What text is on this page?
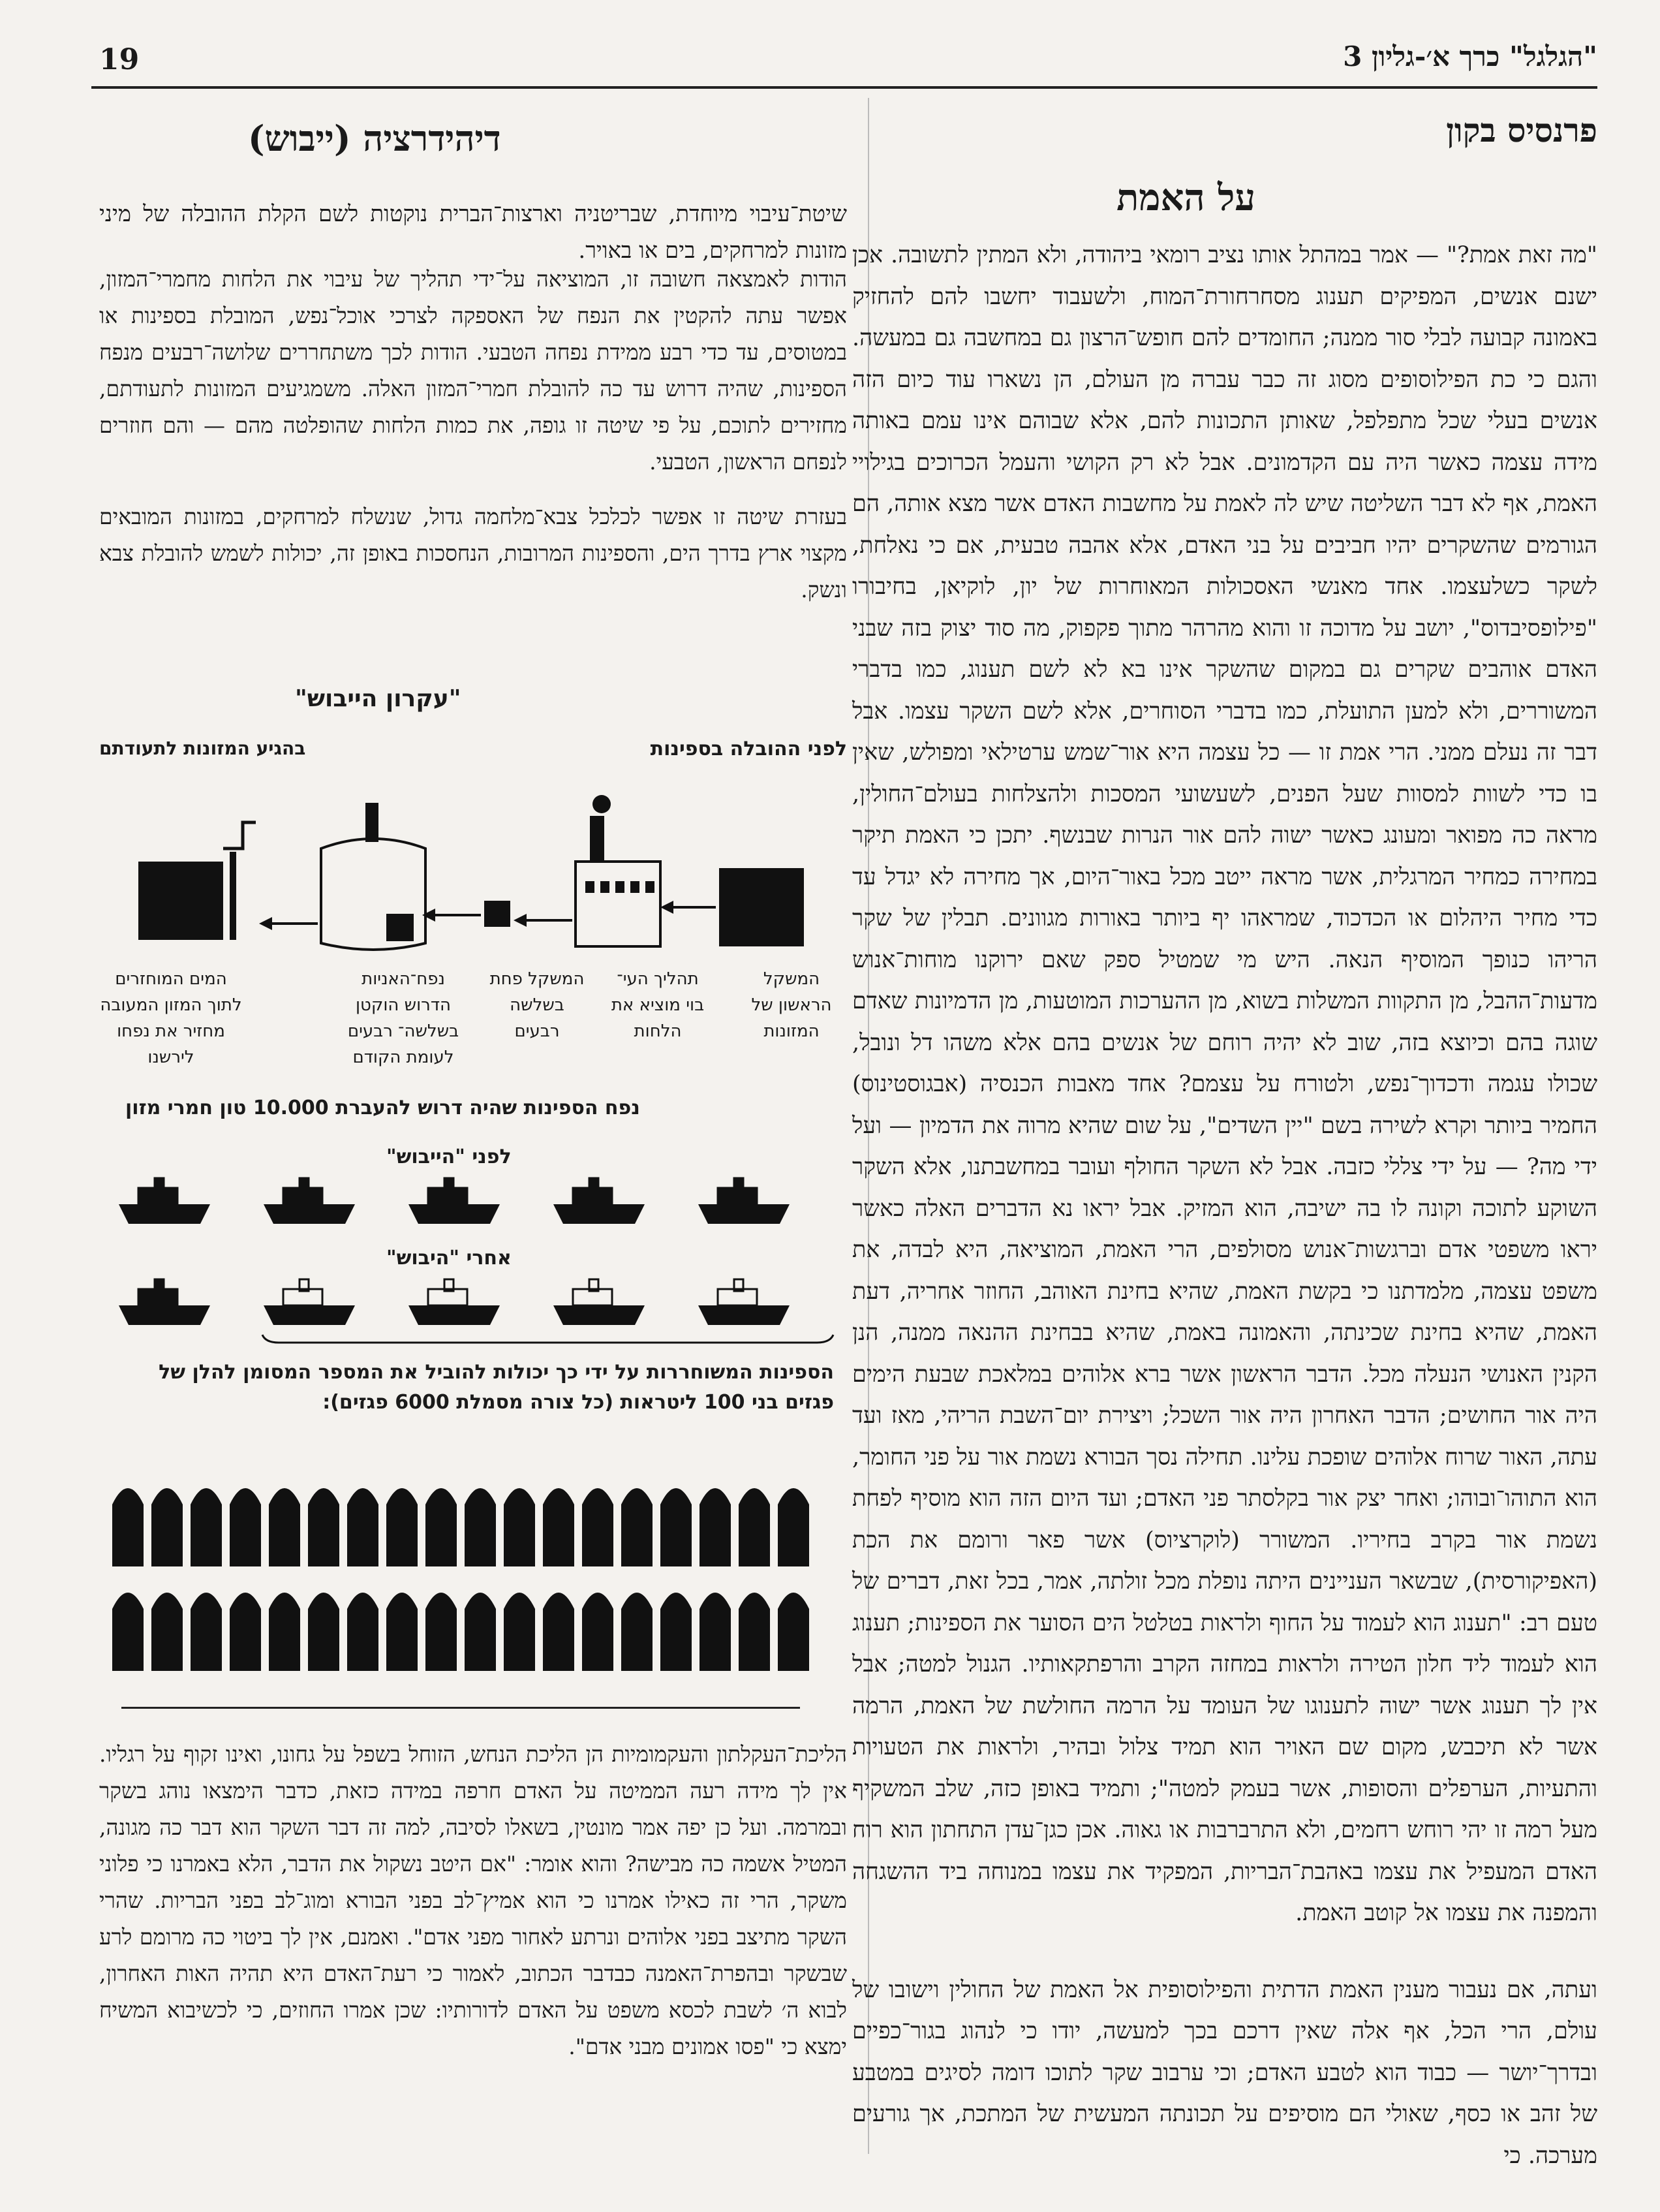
19	"הגלגל" כרך א׳-גליון 3
פרנסיס בקון
על האמת

"מה זאת אמת?" — אמר במהתל אותו נציב רומאי ביהודה, ולא המתין לתשובה. אכן ישנם אנשים, המפיקים תענוג מסחרחורת־המוח, ולשעבוד יחשבו להם להחזיק באמונה קבועה לבלי סור ממנה; החומדים להם חופש־הרצון גם במחשבה גם במעשה. והגם כי כת הפילוסופים מסוג זה כבר עברה מן העולם, הן נשארו עוד כיום הזה אנשים בעלי שכל מתפלפל, שאותן התכונות להם, אלא שבוהם אינו עמם באותה מידה עצמה כאשר היה עם הקדמונים. אבל לא רק הקושי והעמל הכרוכים בגילויי האמת, אף לא דבר השליטה שיש לה לאמת על מחשבות האדם אשר מצא אותה, הם הגורמים שהשקרים יהיו חביבים על בני האדם, אלא אהבה טבעית, אם כי נאלחת, לשקר כשלעצמו. אחד מאנשי האסכולות המאוחרות של יון, לוקיאן, בחיבורו "פילופסיבדוס", יושב על מדוכה זו והוא מהרהר מתוך פקפוק, מה סוד יצוק בזה שבני האדם אוהבים שקרים גם במקום שהשקר אינו בא לא לשם תענוג, כמו בדברי המשוררים, ולא למען התועלת, כמו בדברי הסוחרים, אלא לשם השקר עצמו. אבל דבר זה נעלם ממני. הרי אמת זו — כל עצמה היא אור־שמש ערטילאי ומפולש, שאין בו כדי לשוות למסוות שעל הפנים, לשעשועי המסכות ולהצלחות בעולם־החולין, מראה כה מפואר ומעונג כאשר ישוה להם אור הנרות שבנשף. יתכן כי האמת תיקר במחירה כמחיר המרגלית, אשר מראה ייטב מכל באור־היום, אך מחירה לא יגדל עד כדי מחיר היהלום או הכדכוד, שמראהו יף ביותר באורות מגוונים. תבלין של שקר הריהו כנופך המוסיף הנאה. היש מי שמטיל ספק שאם ירוקנו מוחות־אנוש מדעות־ההבל, מן התקוות המשלות בשוא, מן ההערכות המוטעות, מן הדמיונות שאדם שוגה בהם וכיוצא בזה, שוב לא יהיה רוחם של אנשים בהם אלא משהו דל ונובל, שכולו עגמה ודכדוך־נפש, ולטורח על עצמם? אחד מאבות הכנסיה (אבגוסטינוס) החמיר ביותר וקרא לשירה בשם "יין השדים", על שום שהיא מרוה את הדמיון — ועל ידי מה? — על ידי צללי כזבה. אבל לא השקר החולף ועובר במחשבתנו, אלא השקר השוקע לתוכה וקונה לו בה ישיבה, הוא המזיק. אבל יראו נא הדברים האלה כאשר יראו משפטי אדם וברגשות־אנוש מסולפים, הרי האמת, המוציאה, היא לבדה, את משפט עצמה, מלמדתנו כי בקשת האמת, שהיא בחינת האוהב, החוזר אחריה, דעת האמת, שהיא בחינת שכינתה, והאמונה באמת, שהיא בבחינת ההנאה ממנה, הנן הקנין האנושי הנעלה מכל. הדבר הראשון אשר ברא אלוהים במלאכת שבעת הימים היה אור החושים; הדבר האחרון היה אור השכל; ויצירת יום־השבת הריהי, מאז ועד עתה, האור שרוח אלוהים שופכת עלינו. תחילה נסך הבורא נשמת אור על פני החומר, הוא התוהו־ובוהו; ואחר יצק אור בקלסתר פני האדם; ועד היום הזה הוא מוסיף לפחת נשמת אור בקרב בחיריו. המשורר (לוקרציוס) אשר פאר ורומם את הכת (האפיקורסית), שבשאר העניינים היתה נופלת מכל זולתה, אמר, בכל זאת, דברים של טעם רב: "תענוג הוא לעמוד על החוף ולראות בטלטל הים הסוער את הספינות; תענוג הוא לעמוד ליד חלון הטירה ולראות במחזה הקרב והרפתקאותיו. הגנול למטה; אבל אין לך תענוג אשר ישוה לתענוגו של העומד על הרמה החולשת של האמת, הרמה אשר לא תיכבש, מקום שם האויר הוא תמיד צלול ובהיר, ולראות את הטעויות והתעיות, הערפלים והסופות, אשר בעמק למטה"; ותמיד באופן כזה, שלב המשקיף מעל רמה זו יהי רוחש רחמים, ולא התרברבות או גאוה. אכן כגן־עדן התחתון הוא רוח האדם המעפיל את עצמו באהבת־הבריות, המפקיד את עצמו במנוחה ביד ההשגחה והמפנה את עצמו אל קוטב האמת.

ועתה, אם נעבור מענין האמת הדתית והפילוסופית אל האמת של החולין וישובו של עולם, הרי הכל, אף אלה שאין דרכם בכך למעשה, יודו כי לנהוג בגור־כפיים ובדרך־יושר — כבוד הוא לטבע האדם; וכי ערבוב שקר לתוכו דומה לסיגים במטבע של זהב או כסף, שאולי הם מוסיפים על תכונתה המעשית של המתכת, אך גורעים מערכה. כי

דיהידרציה (ייבוש)
שיטת־עיבוי מיוחדת, שבריטניה וארצות־הברית נוקטות לשם הקלת ההובלה של מיני מזונות למרחקים, בים או באויר.

הודות לאמצאה חשובה זו, המוציאה על־ידי תהליך של עיבוי את הלחות מחמרי־המזון, אפשר עתה להקטין את הנפח של האספקה לצרכי אוכל־נפש, המובלת בספינות או במטוסים, עד כדי רבע ממידת נפחה הטבעי. הודות לכך משתחררים שלושה־רבעים מנפח הספינות, שהיה דרוש עד כה להובלת חמרי־המזון האלה. משמגיעים המזונות לתעודתם, מחזירים לתוכם, על פי שיטה זו גופה, את כמות הלחות שהופלטה מהם — והם חוזרים לנפחם הראשון, הטבעי.

בעזרת שיטה זו אפשר לכלכל צבא־מלחמה גדול, שנשלח למרחקים, במזונות המובאים מקצוי ארץ בדרך הים, והספינות המרובות, הנחסכות באופן זה, יכולות לשמש להובלת צבא ונשק.

"עקרון הייבוש"
לפני ההובלה בספינות
בהגיע המזונות לתעודתם
המשקל הראשון של המזונות
תהליך העי־ בוי מוציא את הלחות
המשקל פחת בשלשה רבעים
נפח־האניות הדרוש הוקטן בשלשה־ רבעים לעומת הקודם
המים המוחזרים לתוך המזון המעובה מחזיר את נפחו לירשנו
נפח הספינות שהיה דרוש להעברת 10.000 טון חמרי מזון
לפני "הייבוש"
אחרי "היבוש"
הספינות המשוחררות על ידי כך יכולות להוביל את המספר המסומן להלן של פגזים בני 100 ליטראות (כל צורה מסמלת 6000 פגזים):
הליכת־העקלתון והעקמומיות הן הליכת הנחש, הזוחל בשפל על גחונו, ואינו זקוף על רגליו. אין לך מידה רעה הממיטה על האדם חרפה במידה כזאת, כדבר הימצאו נוהג בשקר ובמרמה. ועל כן יפה אמר מונטין, בשאלו לסיבה, למה זה דבר השקר הוא דבר כה מגונה, המטיל אשמה כה מבישה? והוא אומר: "אם היטב נשקול את הדבר, הלא באמרנו כי פלוני משקר, הרי זה כאילו אמרנו כי הוא אמיץ־לב בפני הבורא ומוג־לב בפני הבריות. שהרי השקר מתיצב בפני אלוהים ונרתע לאחור מפני אדם". ואמנם, אין לך ביטוי כה מרומם לרע שבשקר ובהפרת־האמנה כבדבר הכתוב, לאמור כי רעת־האדם היא תהיה האות האחרון, לבוא ה׳ לשבת לכסא משפט על האדם לדורותיו: שכן אמרו החוזים, כי לכשיבוא המשיח ימצא כי "פסו אמונים מבני אדם".
